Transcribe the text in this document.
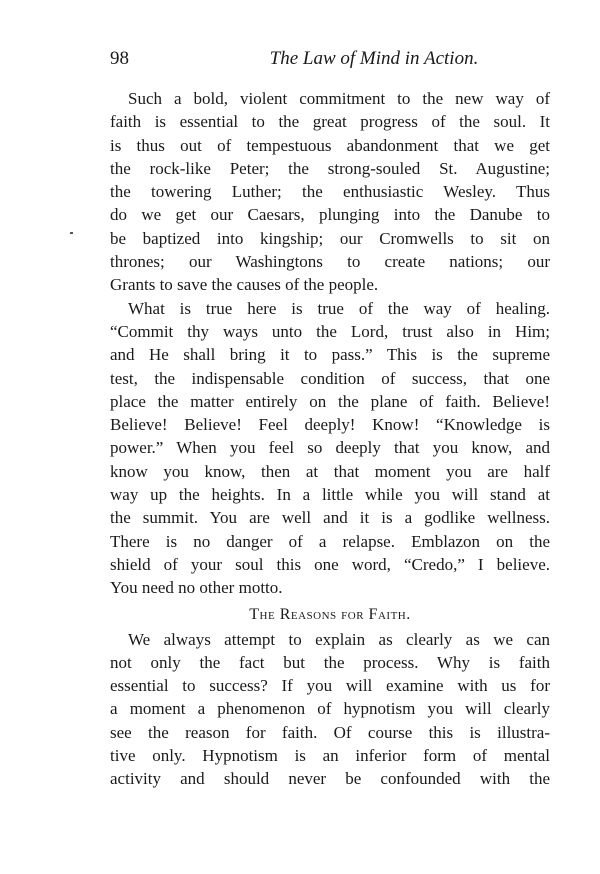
98	The Law of Mind in Action.
Such a bold, violent commitment to the new way of
faith is essential to the great progress of the soul. It
is thus out of tempestuous abandonment that we get
the rock-like Peter; the strong-souled St. Augustine;
the towering Luther; the enthusiastic Wesley. Thus
do we get our Caesars, plunging into the Danube to
be baptized into kingship; our Cromwells to sit on
thrones; our Washingtons to create nations; our
Grants to save the causes of the people.
What is true here is true of the way of healing.
“Commit thy ways unto the Lord, trust also in Him;
and He shall bring it to pass.” This is the supreme
test, the indispensable condition of success, that one
place the matter entirely on the plane of faith. Believe!
Believe! Believe! Feel deeply! Know! “Knowledge is
power.” When you feel so deeply that you know, and
know you know, then at that moment you are half
way up the heights. In a little while you will stand at
the summit. You are well and it is a godlike wellness.
There is no danger of a relapse. Emblazon on the
shield of your soul this one word, “Credo,” I believe.
You need no other motto.
The Reasons for Faith.
We always attempt to explain as clearly as we can
not only the fact but the process. Why is faith
essential to success? If you will examine with us for
a moment a phenomenon of hypnotism you will clearly
see the reason for faith. Of course this is illustra-
tive only. Hypnotism is an inferior form of mental
activity and should never be confounded with the
